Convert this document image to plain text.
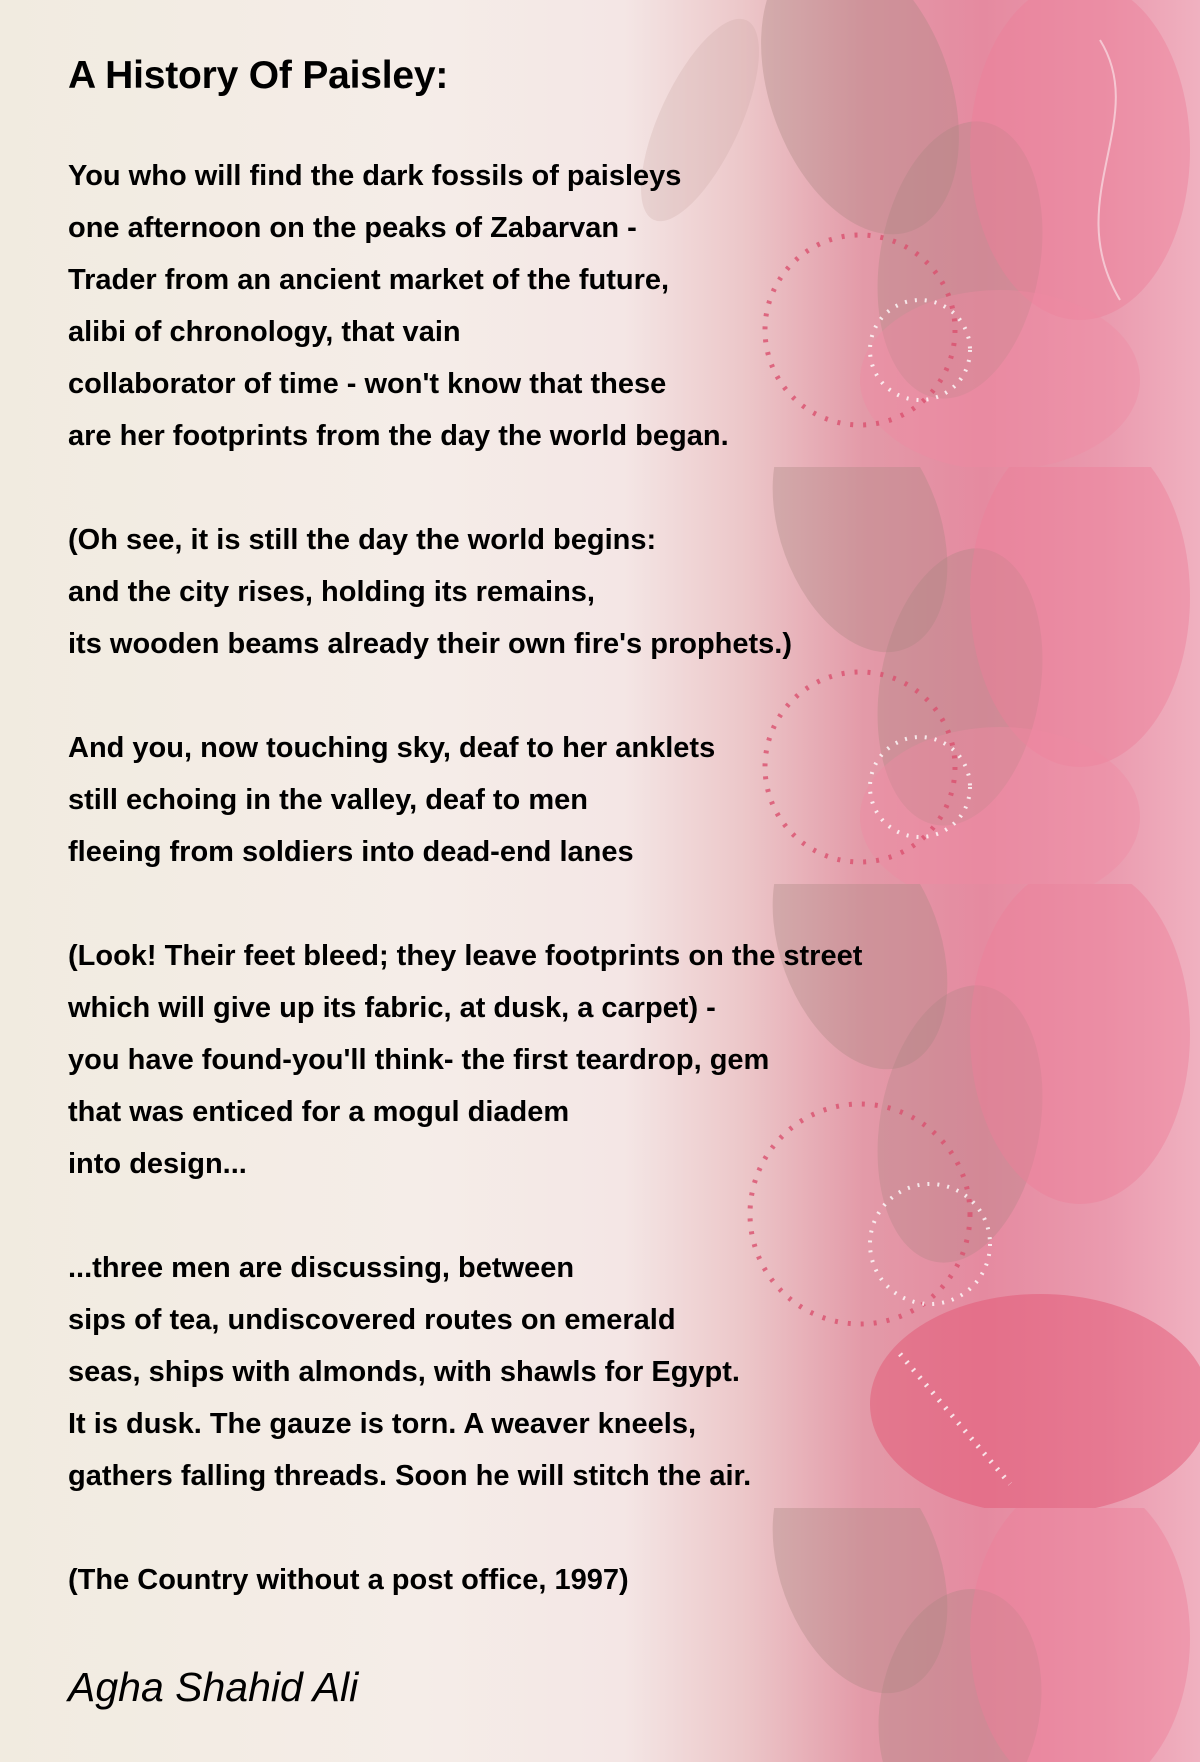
A History Of Paisley:

You who will find the dark fossils of paisleys

one afternoon on the peaks of Zabarvan -

Trader from an ancient market of the future,

alibi of chronology, that vain

collaborator of time - won't know that these

are her footprints from the day the world began.

(Oh see, it is still the day the world begins:

and the city rises, holding its remains,

its wooden beams already their own fire's prophets.)

And you, now touching sky, deaf to her anklets

still echoing in the valley, deaf to men

fleeing from soldiers into dead-end lanes

(Look! Their feet bleed; they leave footprints on the street

which will give up its fabric, at dusk, a carpet) -

you have found-you'll think- the first teardrop, gem

that was enticed for a mogul diadem

into design...

...three men are discussing, between

sips of tea, undiscovered routes on emerald

seas, ships with almonds, with shawls for Egypt.

It is dusk. The gauze is torn. A weaver kneels,

gathers falling threads. Soon he will stitch the air.

(The Country without a post office, 1997)

Agha Shahid Ali
